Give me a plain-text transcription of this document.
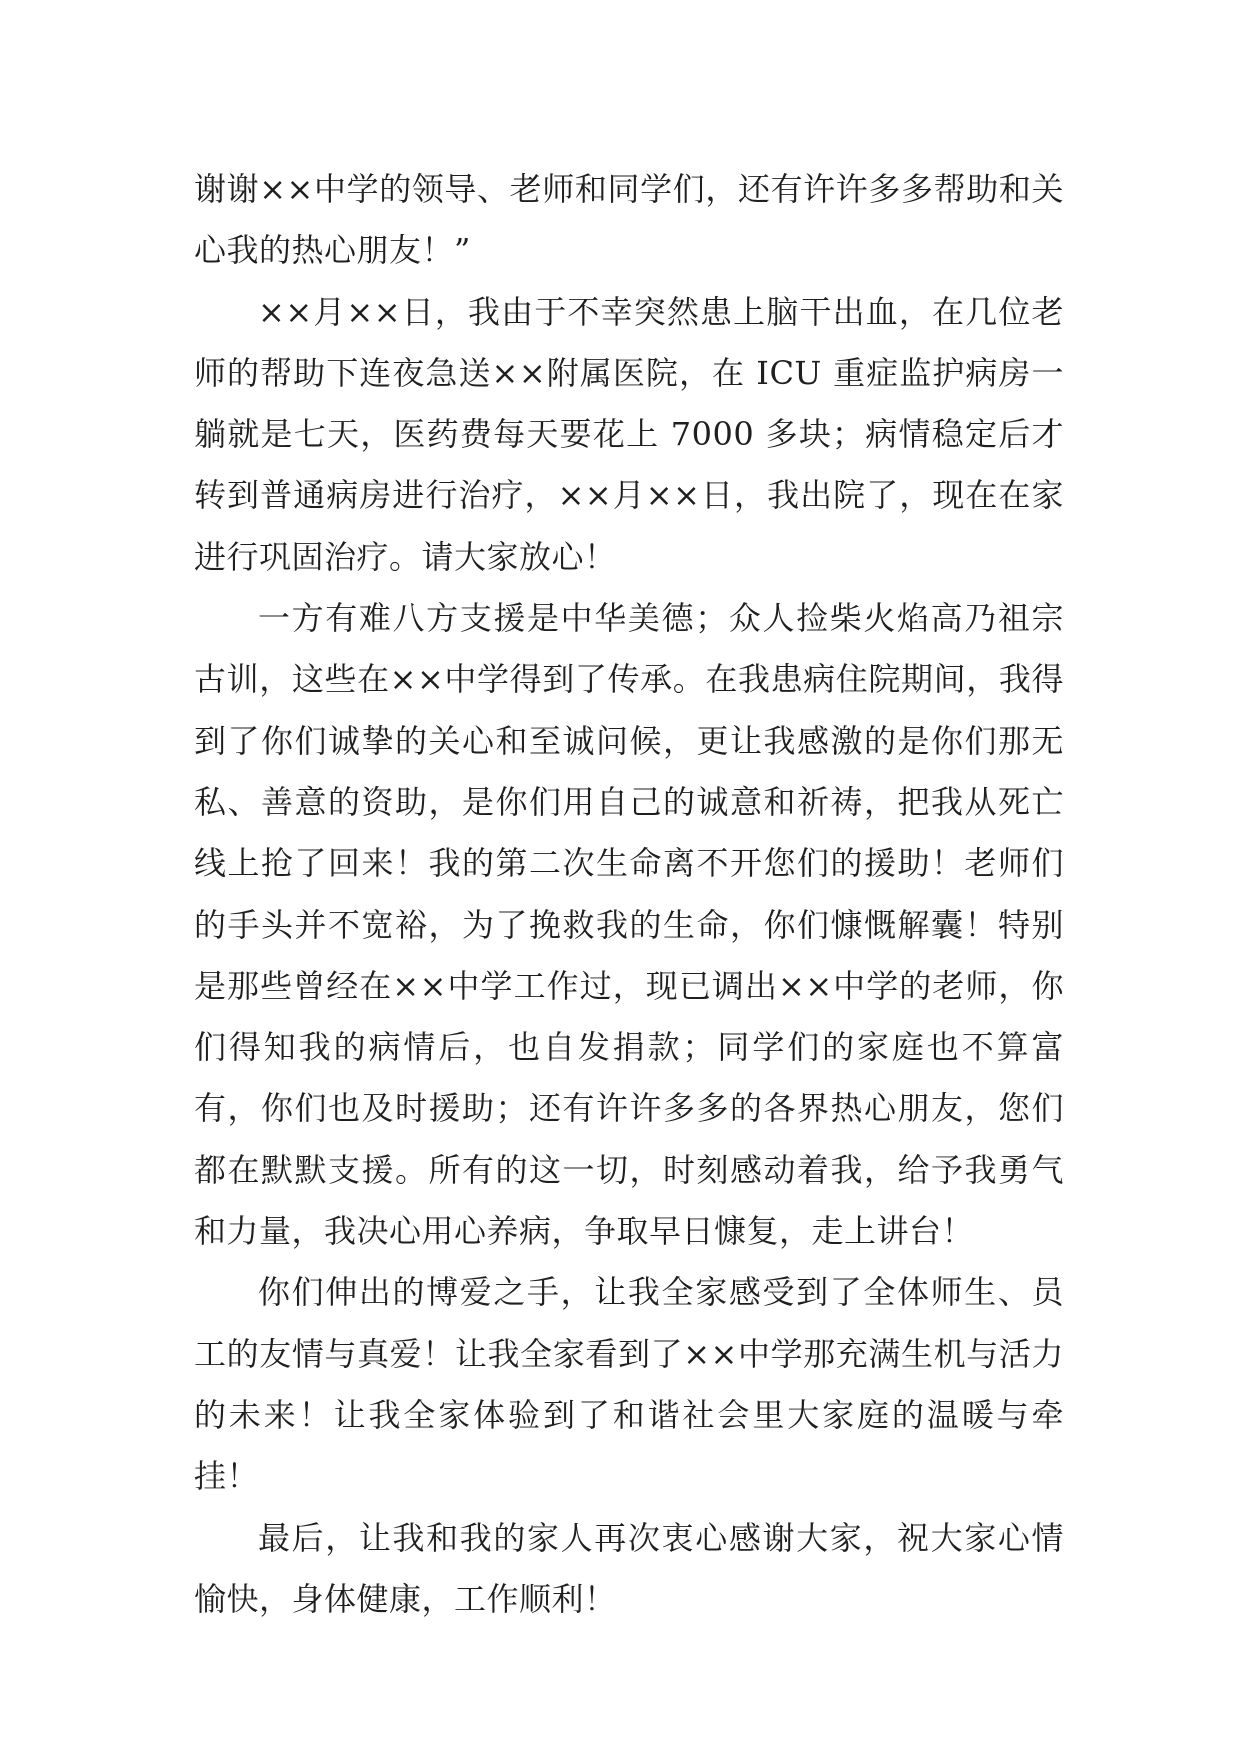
谢谢××中学的领导、老师和同学们，还有许许多多帮助和关心我的热心朋友！”

××月××日，我由于不幸突然患上脑干出血，在几位老师的帮助下连夜急送××附属医院，在 ICU 重症监护病房一躺就是七天，医药费每天要花上 7000 多块；病情稳定后才转到普通病房进行治疗，××月××日，我出院了，现在在家进行巩固治疗。请大家放心！

一方有难八方支援是中华美德；众人捡柴火焰高乃祖宗古训，这些在××中学得到了传承。在我患病住院期间，我得到了你们诚挚的关心和至诚问候，更让我感激的是你们那无私、善意的资助，是你们用自己的诚意和祈祷，把我从死亡线上抢了回来！我的第二次生命离不开您们的援助！老师们的手头并不宽裕，为了挽救我的生命，你们慷慨解囊！特别是那些曾经在××中学工作过，现已调出××中学的老师，你们得知我的病情后，也自发捐款；同学们的家庭也不算富有，你们也及时援助；还有许许多多的各界热心朋友，您们都在默默支援。所有的这一切，时刻感动着我，给予我勇气和力量，我决心用心养病，争取早日慷复，走上讲台！

你们伸出的博爱之手，让我全家感受到了全体师生、员工的友情与真爱！让我全家看到了××中学那充满生机与活力的未来！让我全家体验到了和谐社会里大家庭的温暖与牵挂！

最后，让我和我的家人再次衷心感谢大家，祝大家心情愉快，身体健康，工作顺利！
